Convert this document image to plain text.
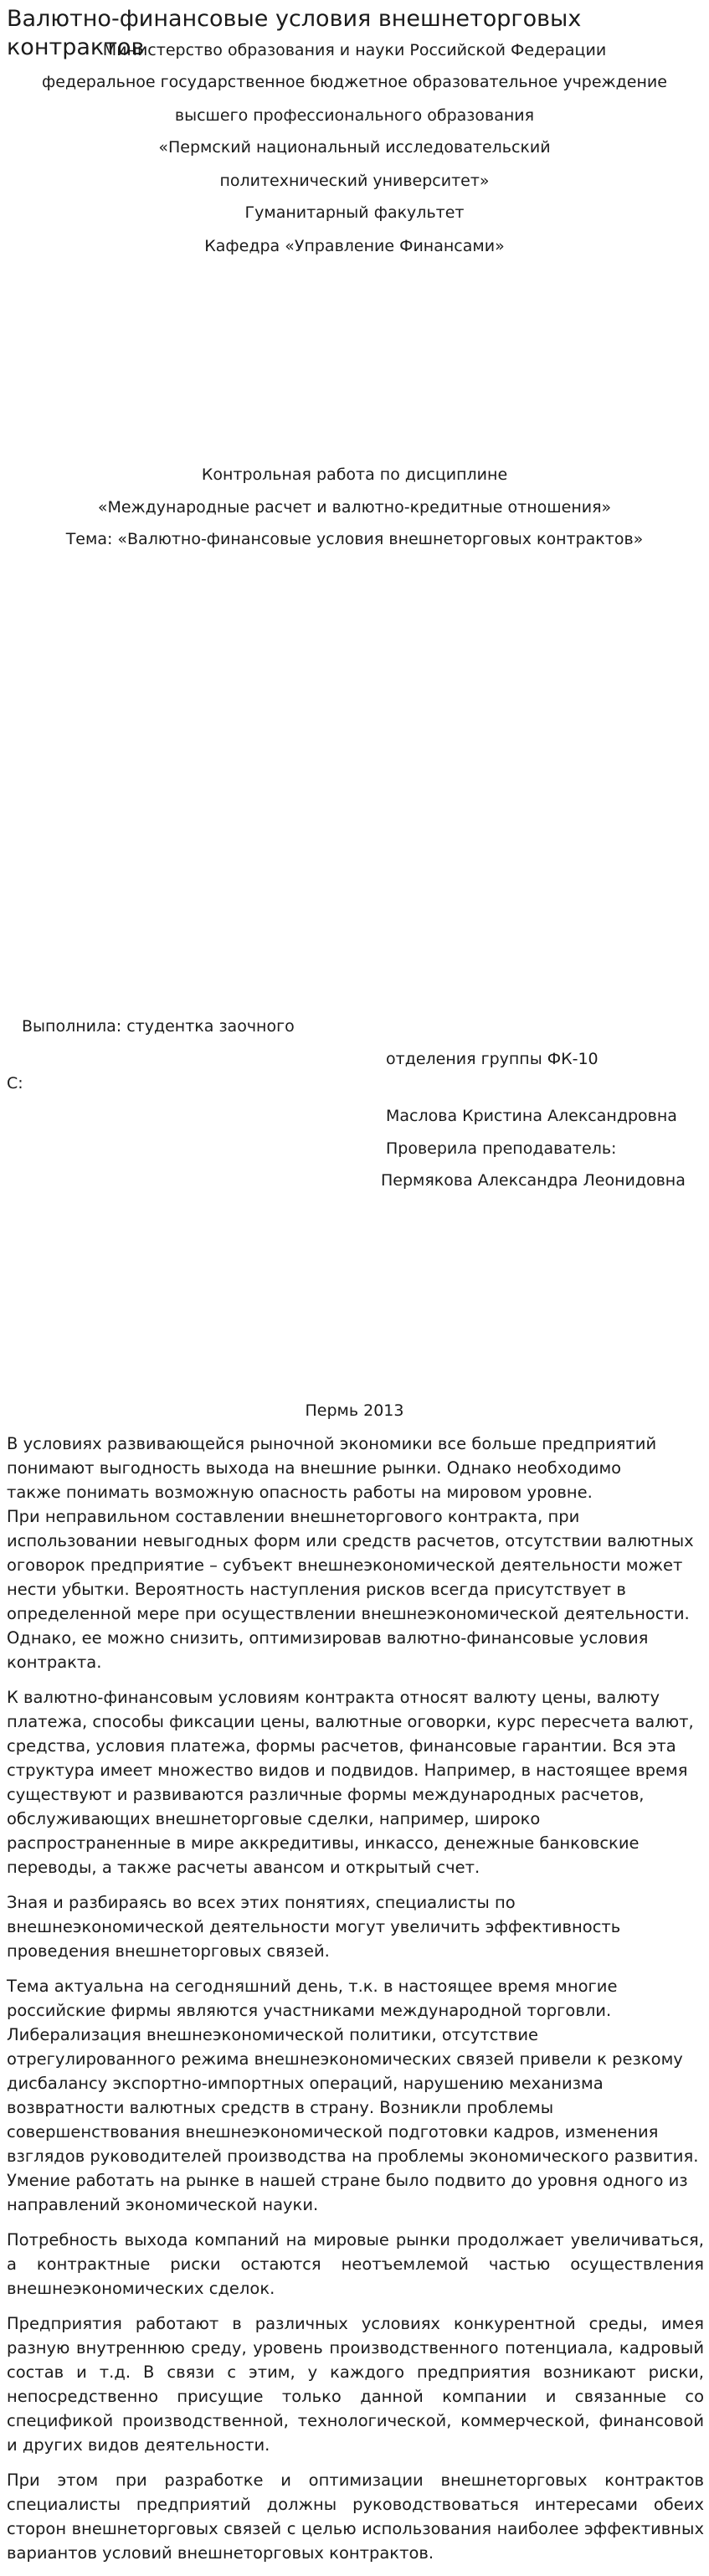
Валютно-финансовые условия внешнеторговых контрактов
Министерство образования и науки Российской Федерации
федеральное государственное бюджетное образовательное учреждение
высшего профессионального образования
«Пермский национальный исследовательский
политехнический университет»
Гуманитарный факультет
Кафедра «Управление Финансами»
Контрольная работа по дисциплине
«Международные расчет и валютно-кредитные отношения»
Тема: «Валютно-финансовые условия внешнеторговых контрактов»
Выполнила: студентка заочного
отделения группы ФК-10
С:
Маслова Кристина Александровна
Проверила преподаватель:
Пермякова Александра Леонидовна
Пермь 2013

В условиях развивающейся рыночной экономики все больше предприятий
понимают выгодность выхода на внешние рынки. Однако необходимо
также понимать возможную опасность работы на мировом уровне.

При неправильном составлении внешнеторгового контракта, при использовании невыгодных форм или средств расчетов, отсутствии валютных оговорок предприятие – субъект внешнеэкономической деятельности может нести убытки. Вероятность наступления рисков всегда присутствует в определенной мере при осуществлении внешнеэкономической деятельности. Однако, ее можно снизить, оптимизировав валютно-финансовые условия контракта.

К валютно-финансовым условиям контракта относят валюту цены, валюту платежа, способы фиксации цены, валютные оговорки, курс пересчета валют, средства, условия платежа, формы расчетов, финансовые гарантии. Вся эта структура имеет множество видов и подвидов. Например, в настоящее время существуют и развиваются различные формы международных расчетов, обслуживающих внешнеторговые сделки, например, широко распространенные в мире аккредитивы, инкассо, денежные банковские переводы, а также расчеты авансом и открытый счет.

Зная и разбираясь во всех этих понятиях, специалисты по внешнеэкономической деятельности могут увеличить эффективность проведения внешнеторговых связей.

Тема актуальна на сегодняшний день, т.к. в настоящее время многие российские фирмы являются участниками международной торговли. Либерализация внешнеэкономической политики, отсутствие отрегулированного режима внешнеэкономических связей привели к резкому дисбалансу экспортно-импортных операций, нарушению механизма возвратности валютных средств в страну. Возникли проблемы совершенствования внешнеэкономической подготовки кадров, изменения взглядов руководителей производства на проблемы экономического развития. Умение работать на рынке в нашей стране было подвито до уровня одного из направлений экономической науки.

Потребность выхода компаний на мировые рынки продолжает увеличиваться, а контрактные риски остаются неотъемлемой частью осуществления внешнеэкономических сделок.

Предприятия работают в различных условиях конкурентной среды, имея разную внутреннюю среду, уровень производственного потенциала, кадровый состав и т.д. В связи с этим, у каждого предприятия возникают риски, непосредственно присущие только данной компании и связанные со спецификой производственной, технологической, коммерческой, финансовой и других видов деятельности.

При этом при разработке и оптимизации внешнеторговых контрактов специалисты предприятий должны руководствоваться интересами обеих сторон внешнеторговых связей с целью использования наиболее эффективных вариантов условий внешнеторговых контрактов.
